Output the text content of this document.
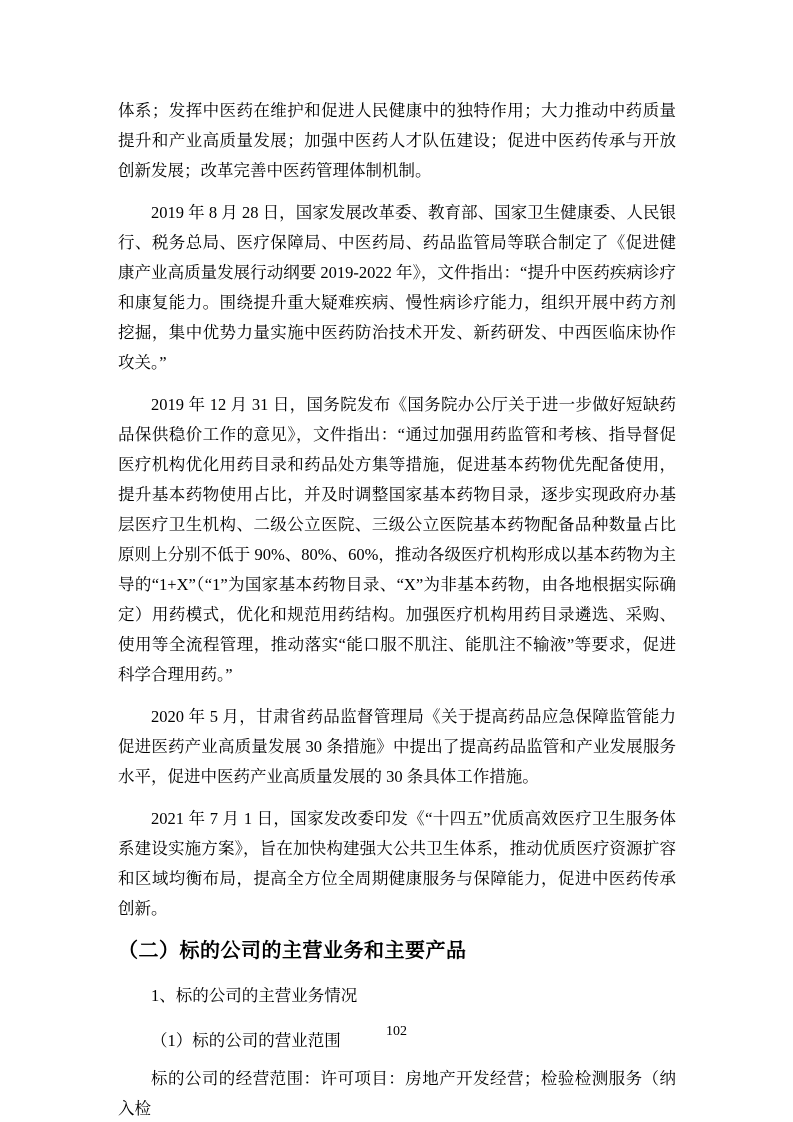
体系；发挥中医药在维护和促进人民健康中的独特作用；大力推动中药质量提升和产业高质量发展；加强中医药人才队伍建设；促进中医药传承与开放创新发展；改革完善中医药管理体制机制。

2019 年 8 月 28 日，国家发展改革委、教育部、国家卫生健康委、人民银行、税务总局、医疗保障局、中医药局、药品监管局等联合制定了《促进健康产业高质量发展行动纲要 2019-2022 年》，文件指出：“提升中医药疾病诊疗和康复能力。围绕提升重大疑难疾病、慢性病诊疗能力，组织开展中药方剂挖掘，集中优势力量实施中医药防治技术开发、新药研发、中西医临床协作攻关。”

2019 年 12 月 31 日，国务院发布《国务院办公厅关于进一步做好短缺药品保供稳价工作的意见》，文件指出：“通过加强用药监管和考核、指导督促医疗机构优化用药目录和药品处方集等措施，促进基本药物优先配备使用，提升基本药物使用占比，并及时调整国家基本药物目录，逐步实现政府办基层医疗卫生机构、二级公立医院、三级公立医院基本药物配备品种数量占比原则上分别不低于 90%、80%、60%，推动各级医疗机构形成以基本药物为主导的“1+X”（“1”为国家基本药物目录、“X”为非基本药物，由各地根据实际确定）用药模式，优化和规范用药结构。加强医疗机构用药目录遴选、采购、使用等全流程管理，推动落实“能口服不肌注、能肌注不输液”等要求，促进科学合理用药。”

2020 年 5 月，甘肃省药品监督管理局《关于提高药品应急保障监管能力促进医药产业高质量发展 30 条措施》中提出了提高药品监管和产业发展服务水平，促进中医药产业高质量发展的 30 条具体工作措施。

2021 年 7 月 1 日，国家发改委印发《“十四五”优质高效医疗卫生服务体系建设实施方案》，旨在加快构建强大公共卫生体系，推动优质医疗资源扩容和区域均衡布局，提高全方位全周期健康服务与保障能力，促进中医药传承创新。

（二）标的公司的主营业务和主要产品

1、标的公司的主营业务情况

（1）标的公司的营业范围

标的公司的经营范围：许可项目：房地产开发经营；检验检测服务（纳入检

102
